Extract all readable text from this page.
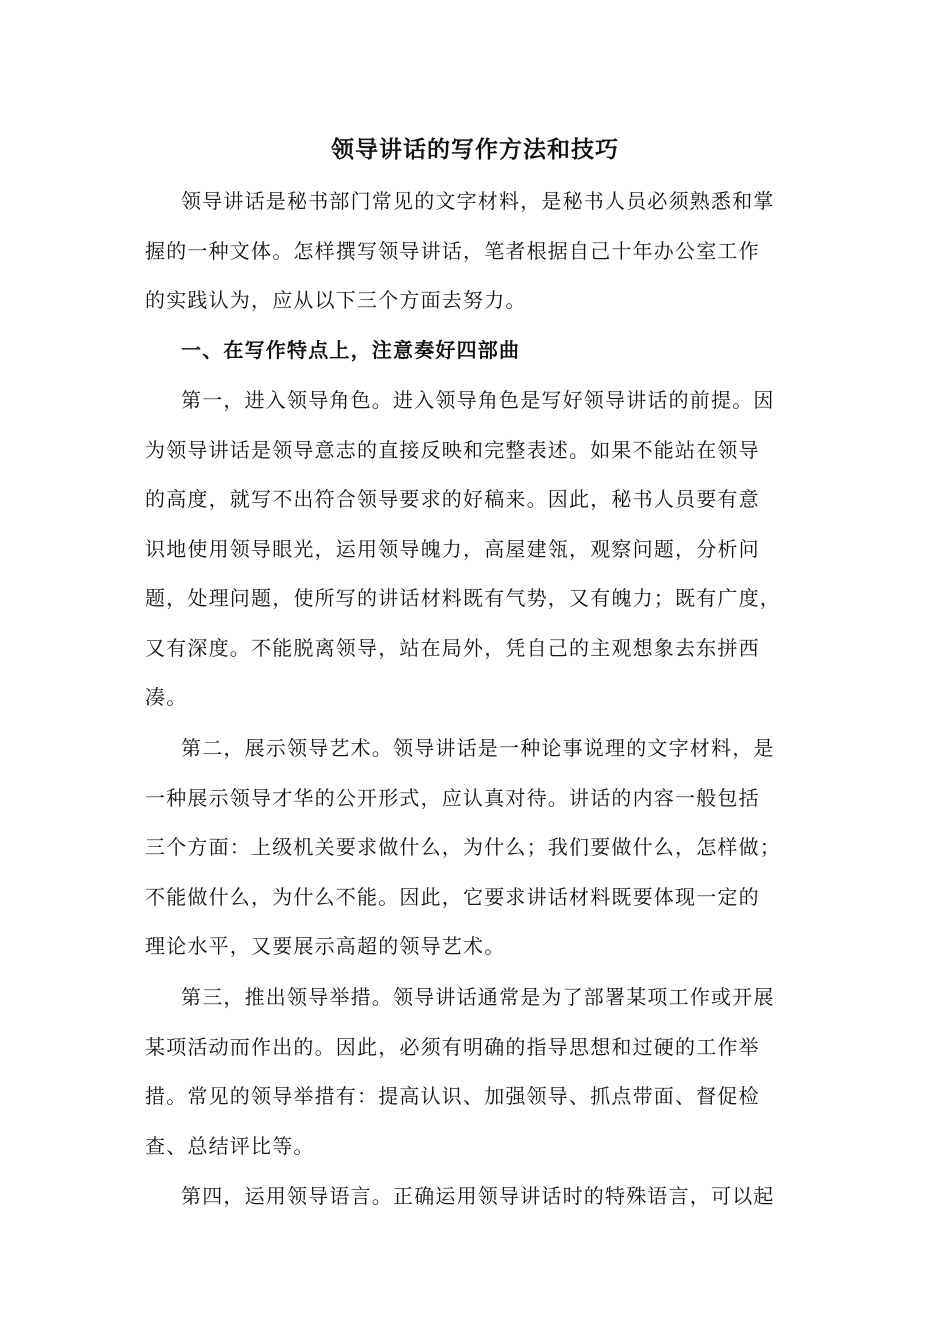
领导讲话的写作方法和技巧
领导讲话是秘书部门常见的文字材料，是秘书人员必须熟悉和掌
握的一种文体。怎样撰写领导讲话，笔者根据自己十年办公室工作
的实践认为，应从以下三个方面去努力。
一、在写作特点上，注意奏好四部曲
第一，进入领导角色。进入领导角色是写好领导讲话的前提。因
为领导讲话是领导意志的直接反映和完整表述。如果不能站在领导
的高度，就写不出符合领导要求的好稿来。因此，秘书人员要有意
识地使用领导眼光，运用领导魄力，高屋建瓴，观察问题，分析问
题，处理问题，使所写的讲话材料既有气势，又有魄力；既有广度，
又有深度。不能脱离领导，站在局外，凭自己的主观想象去东拼西
凑。
第二，展示领导艺术。领导讲话是一种论事说理的文字材料，是
一种展示领导才华的公开形式，应认真对待。讲话的内容一般包括
三个方面：上级机关要求做什么，为什么；我们要做什么，怎样做；
不能做什么，为什么不能。因此，它要求讲话材料既要体现一定的
理论水平，又要展示高超的领导艺术。
第三，推出领导举措。领导讲话通常是为了部署某项工作或开展
某项活动而作出的。因此，必须有明确的指导思想和过硬的工作举
措。常见的领导举措有：提高认识、加强领导、抓点带面、督促检
查、总结评比等。
第四，运用领导语言。正确运用领导讲话时的特殊语言，可以起
